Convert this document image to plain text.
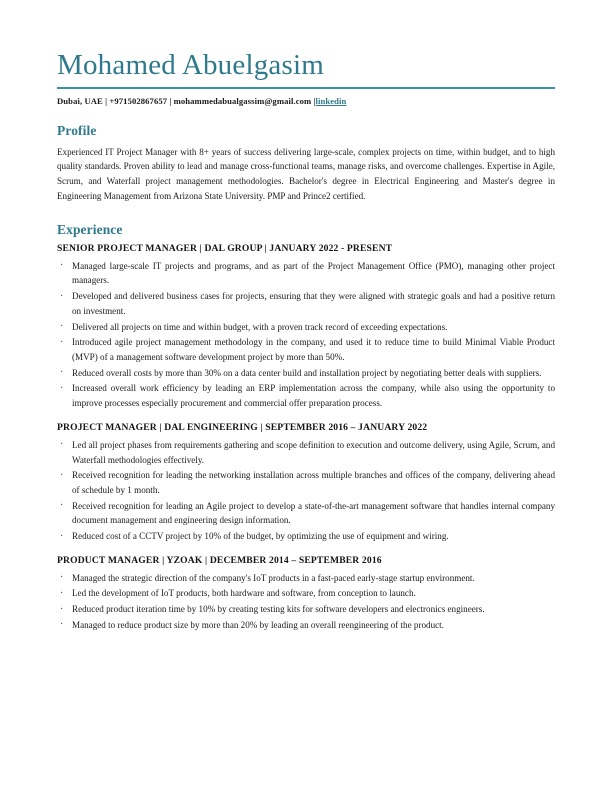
Mohamed Abuelgasim
Dubai, UAE | +971502867657 | mohammedabualgassim@gmail.com |linkedin
Profile

Experienced IT Project Manager with 8+ years of success delivering large-scale, complex projects on time, within budget, and to high quality standards. Proven ability to lead and manage cross-functional teams, manage risks, and overcome challenges. Expertise in Agile, Scrum, and Waterfall project management methodologies. Bachelor's degree in Electrical Engineering and Master's degree in Engineering Management from Arizona State University. PMP and Prince2 certified.

Experience
SENIOR PROJECT MANAGER | DAL GROUP | JANUARY 2022 - PRESENT
· Managed large-scale IT projects and programs, and as part of the Project Management Office (PMO), managing other project managers.
· Developed and delivered business cases for projects, ensuring that they were aligned with strategic goals and had a positive return on investment.
· Delivered all projects on time and within budget, with a proven track record of exceeding expectations.
· Introduced agile project management methodology in the company, and used it to reduce time to build Minimal Viable Product (MVP) of a management software development project by more than 50%.
· Reduced overall costs by more than 30% on a data center build and installation project by negotiating better deals with suppliers.
· Increased overall work efficiency by leading an ERP implementation across the company, while also using the opportunity to improve processes especially procurement and commercial offer preparation process.
PROJECT MANAGER | DAL ENGINEERING | SEPTEMBER 2016 – JANUARY 2022
· Led all project phases from requirements gathering and scope definition to execution and outcome delivery, using Agile, Scrum, and Waterfall methodologies effectively.
· Received recognition for leading the networking installation across multiple branches and offices of the company, delivering ahead of schedule by 1 month.
· Received recognition for leading an Agile project to develop a state-of-the-art management software that handles internal company document management and engineering design information.
· Reduced cost of a CCTV project by 10% of the budget, by optimizing the use of equipment and wiring.
PRODUCT MANAGER | YZOAK | DECEMBER 2014 – SEPTEMBER 2016
· Managed the strategic direction of the company's IoT products in a fast-paced early-stage startup environment.
· Led the development of IoT products, both hardware and software, from conception to launch.
· Reduced product iteration time by 10% by creating testing kits for software developers and electronics engineers.
· Managed to reduce product size by more than 20% by leading an overall reengineering of the product.
